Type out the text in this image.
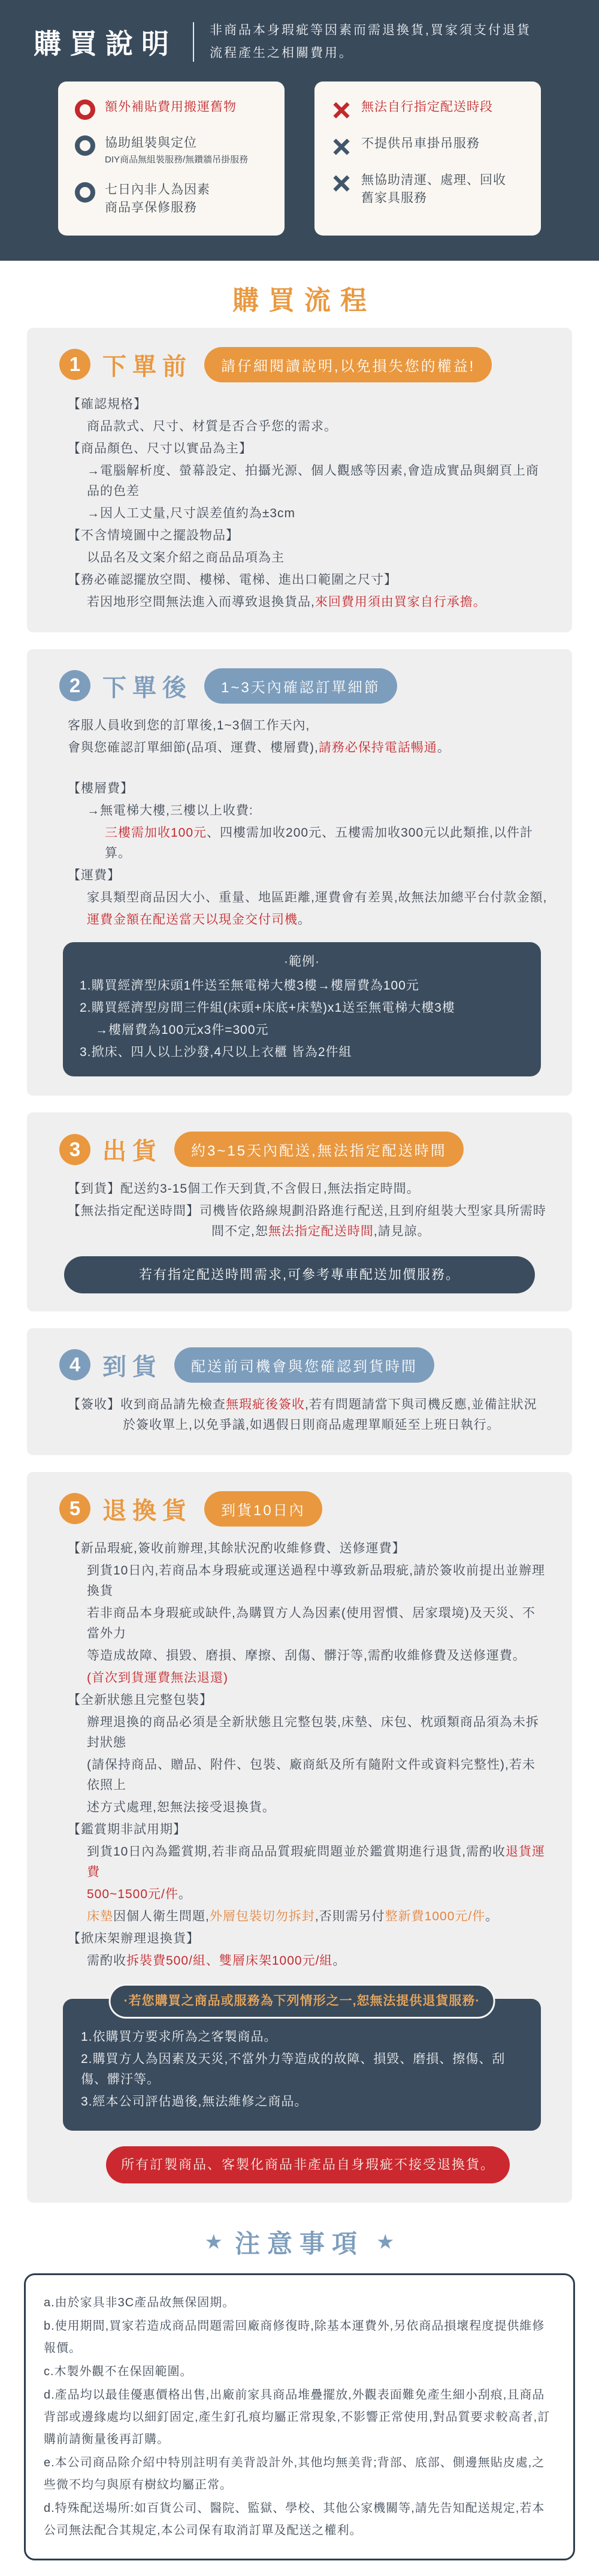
購買說明	非商品本身瑕疵等因素而需退換貨,買家須支付退貨流程產生之相關費用。

額外補貼費用搬運舊物
協助組裝與定位
DIY商品無組裝服務/無鑽牆吊掛服務
七日內非人為因素
商品享保修服務
無法自行指定配送時段
不提供吊車掛吊服務
無協助清運、處理、回收
舊家具服務
購買流程
1 下單前	請仔細閱讀說明,以免損失您的權益!
【確認規格】
商品款式、尺寸、材質是否合乎您的需求。
【商品顏色、尺寸以實品為主】
→電腦解析度、螢幕設定、拍攝光源、個人觀感等因素,會造成實品與網頁上商品的色差
→因人工丈量,尺寸誤差值約為±3cm
【不含情境圖中之擺設物品】
以品名及文案介紹之商品品項為主
【務必確認擺放空間、樓梯、電梯、進出口範圍之尺寸】
若因地形空間無法進入而導致退換貨品,來回費用須由買家自行承擔。
2 下單後	1~3天內確認訂單細節
客服人員收到您的訂單後,1~3個工作天內,
會與您確認訂單細節(品項、運費、樓層費),請務必保持電話暢通。
【樓層費】
→無電梯大樓,三樓以上收費:
三樓需加收100元、四樓需加收200元、五樓需加收300元以此類推,以件計算。
【運費】
家具類型商品因大小、重量、地區距離,運費會有差異,故無法加總平台付款金額,
運費金額在配送當天以現金交付司機。
·範例·
1.購買經濟型床頭1件送至無電梯大樓3樓→樓層費為100元
2.購買經濟型房間三件組(床頭+床底+床墊)x1送至無電梯大樓3樓
→樓層費為100元x3件=300元
3.掀床、四人以上沙發,4尺以上衣櫃 皆為2件組
3 出貨	約3~15天內配送,無法指定配送時間
【到貨】配送約3-15個工作天到貨,不含假日,無法指定時間。
【無法指定配送時間】司機皆依路線規劃沿路進行配送,且到府組裝大型家具所需時間不定,恕無法指定配送時間,請見諒。
若有指定配送時間需求,可參考專車配送加價服務。
4 到貨	配送前司機會與您確認到貨時間
【簽收】收到商品請先檢查無瑕疵後簽收,若有問題請當下與司機反應,並備註狀況於簽收單上,以免爭議,如遇假日則商品處理單順延至上班日執行。
5 退換貨	到貨10日內
【新品瑕疵,簽收前辦理,其餘狀況酌收維修費、送修運費】
到貨10日內,若商品本身瑕疵或運送過程中導致新品瑕疵,請於簽收前提出並辦理換貨
若非商品本身瑕疵或缺件,為購買方人為因素(使用習慣、居家環境)及天災、不當外力
等造成故障、損毀、磨損、摩擦、刮傷、髒汙等,需酌收維修費及送修運費。
(首次到貨運費無法退還)
【全新狀態且完整包裝】
辦理退換的商品必須是全新狀態且完整包裝,床墊、床包、枕頭類商品須為未拆封狀態
(請保持商品、贈品、附件、包裝、廠商紙及所有隨附文件或資料完整性),若未依照上
述方式處理,恕無法接受退換貨。
【鑑賞期非試用期】
到貨10日內為鑑賞期,若非商品品質瑕疵問題並於鑑賞期進行退貨,需酌收退貨運費
500~1500元/件。
床墊因個人衛生問題,外層包裝切勿拆封,否則需另付整新費1000元/件。
【掀床架辦理退換貨】
需酌收拆裝費500/組、雙層床架1000元/組。
·若您購買之商品或服務為下列情形之一,恕無法提供退貨服務·
1.依購買方要求所為之客製商品。
2.購買方人為因素及天災,不當外力等造成的故障、損毀、磨損、擦傷、刮傷、髒汙等。
3.經本公司評估過後,無法維修之商品。
所有訂製商品、客製化商品非產品自身瑕疵不接受退換貨。
★ 注意事項 ★
a.由於家具非3C產品故無保固期。
b.使用期間,買家若造成商品問題需回廠商修復時,除基本運費外,另依商品損壞程度提供維修報價。
c.木製外觀不在保固範圍。
d.產品均以最佳優惠價格出售,出廠前家具商品堆疊擺放,外觀表面難免產生細小刮痕,且商品背部或邊緣處均以細釘固定,產生釘孔痕均屬正常現象,不影響正常使用,對品質要求較高者,訂購前請衡量後再訂購。
e.本公司商品除介紹中特別註明有美背設計外,其他均無美背;背部、底部、側邊無貼皮處,之些微不均勻與原有樹紋均屬正常。
d.特殊配送場所:如百貨公司、醫院、監獄、學校、其他公家機關等,請先告知配送規定,若本公司無法配合其規定,本公司保有取消訂單及配送之權利。
